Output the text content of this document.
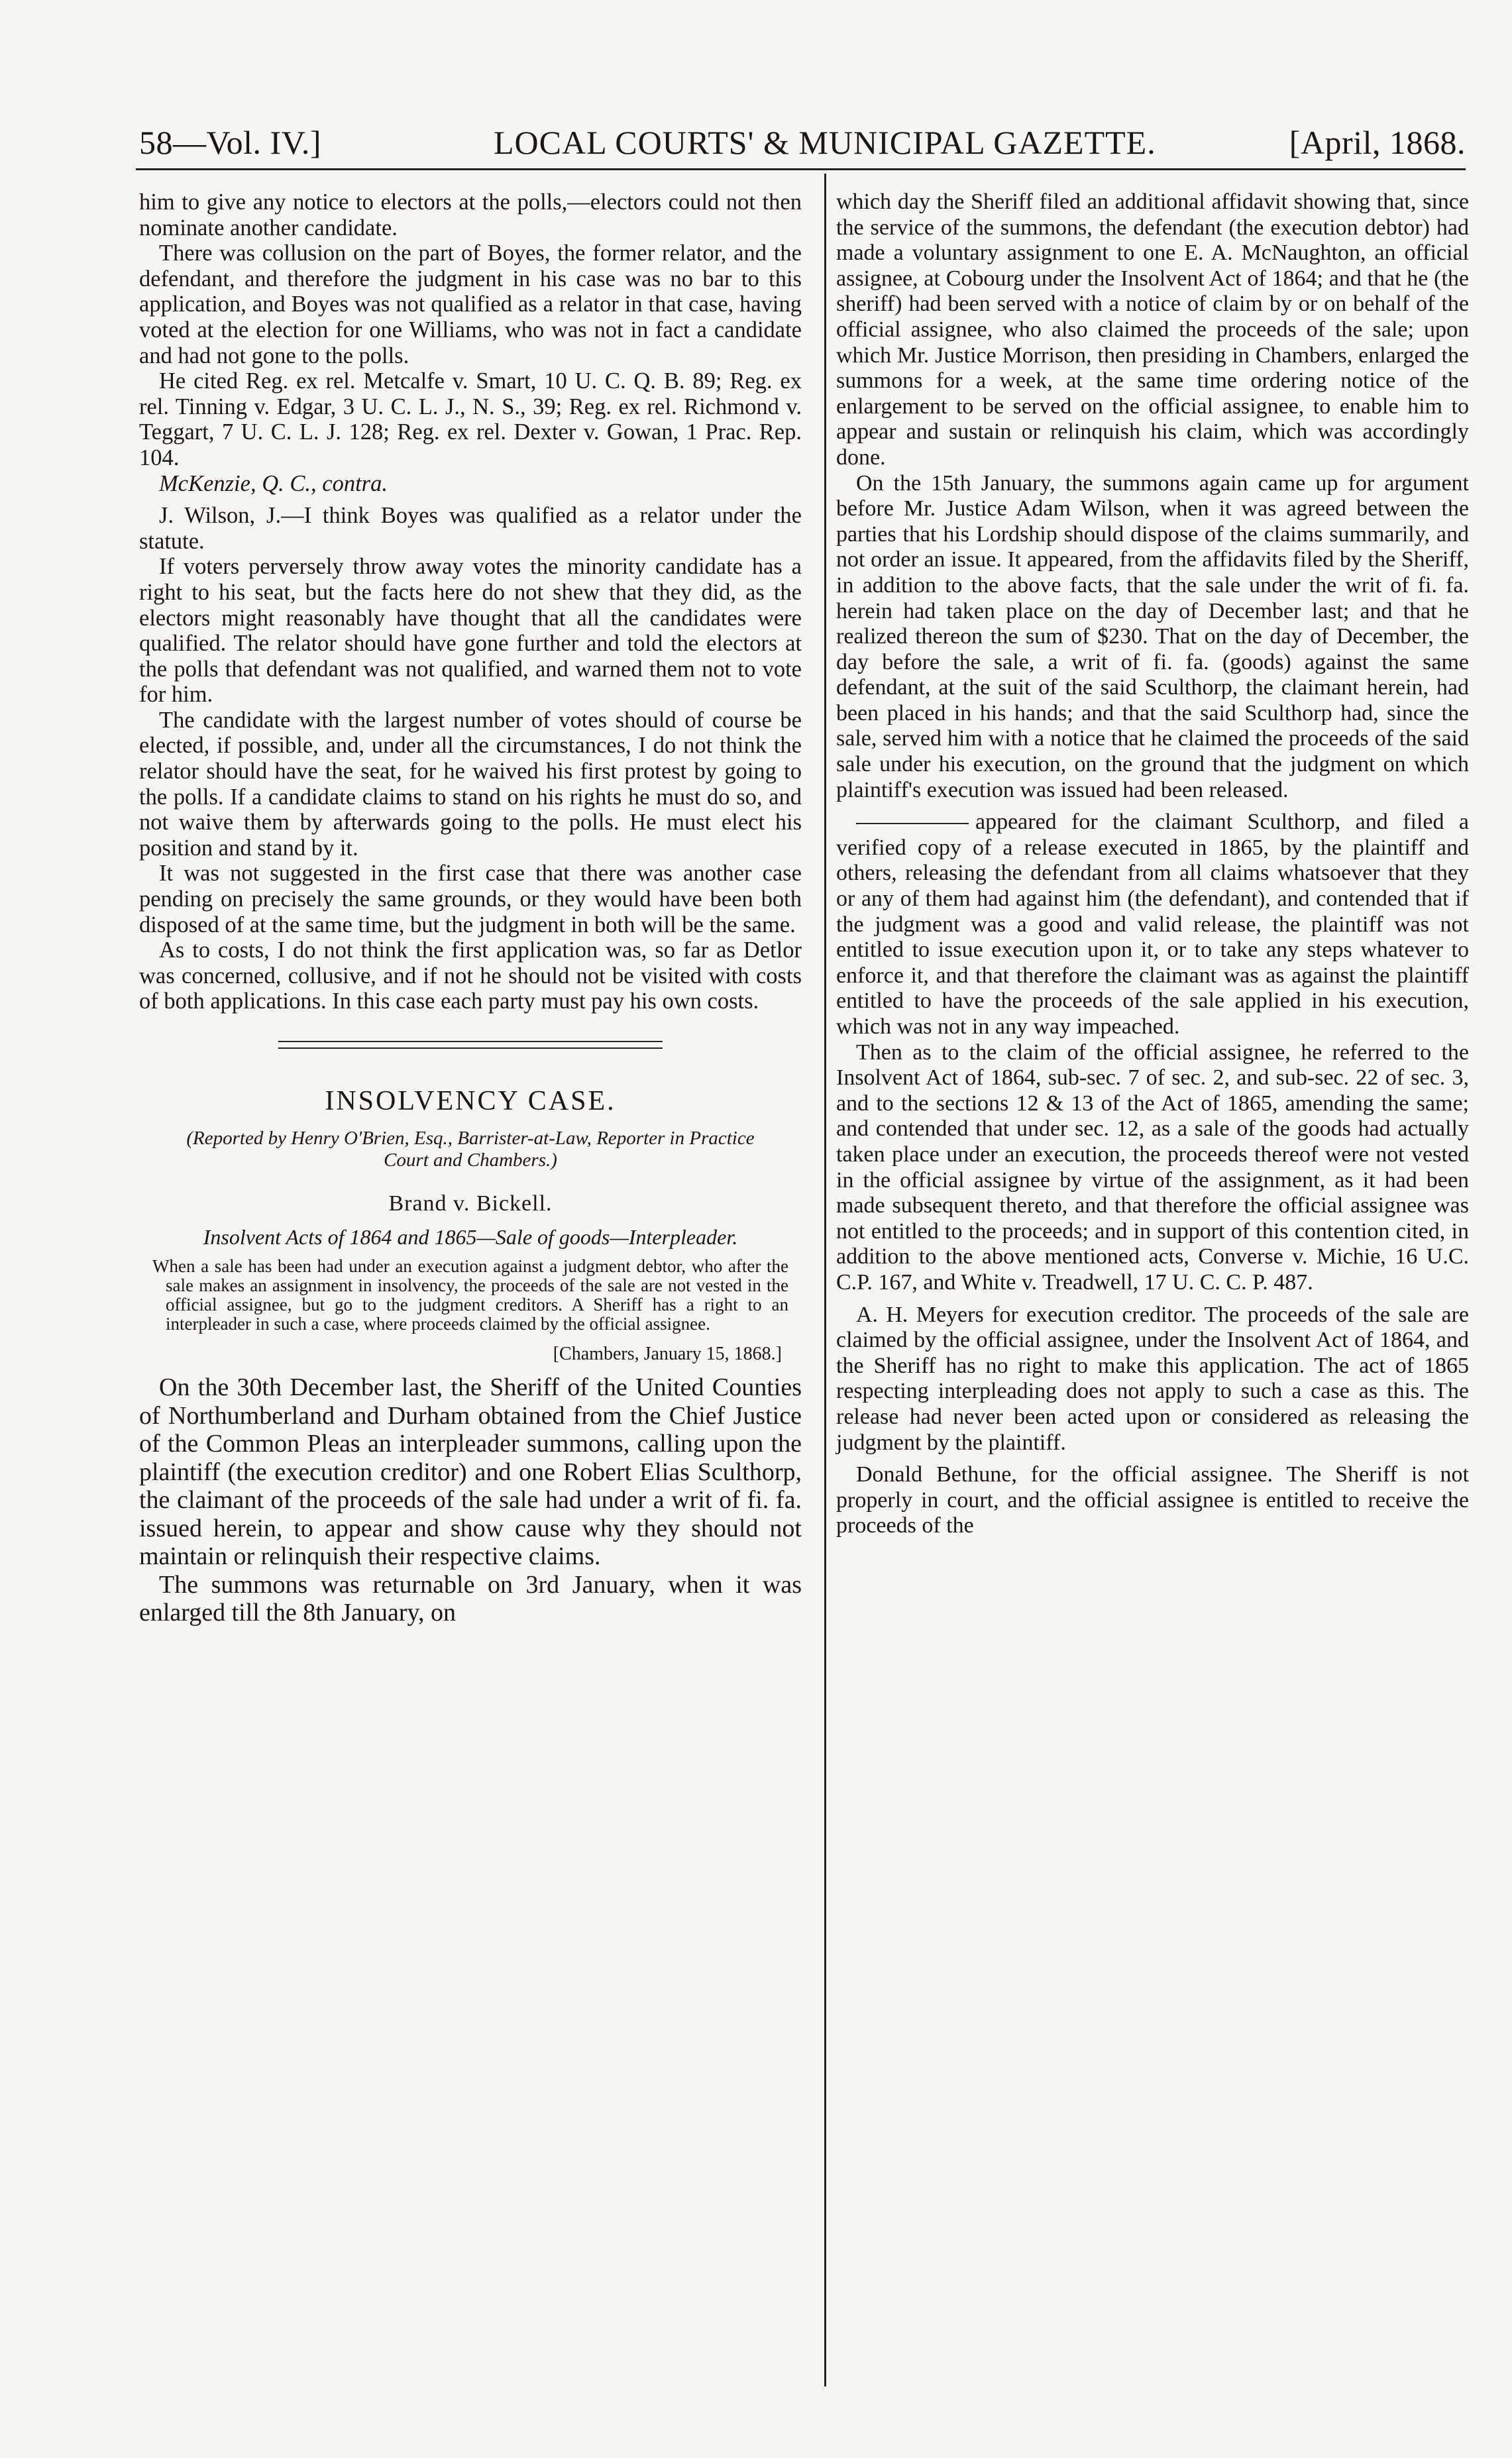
58—Vol. IV.]	LOCAL COURTS' & MUNICIPAL GAZETTE.	[April, 1868.

him to give any notice to electors at the polls,—electors could not then nominate another candidate.

There was collusion on the part of Boyes, the former relator, and the defendant, and therefore the judgment in his case was no bar to this application, and Boyes was not qualified as a relator in that case, having voted at the election for one Williams, who was not in fact a candidate and had not gone to the polls.

He cited Reg. ex rel. Metcalfe v. Smart, 10 U. C. Q. B. 89; Reg. ex rel. Tinning v. Edgar, 3 U. C. L. J., N. S., 39; Reg. ex rel. Richmond v. Teggart, 7 U. C. L. J. 128; Reg. ex rel. Dexter v. Gowan, 1 Prac. Rep. 104.

McKenzie, Q. C., contra.

J. Wilson, J.—I think Boyes was qualified as a relator under the statute.

If voters perversely throw away votes the minority candidate has a right to his seat, but the facts here do not shew that they did, as the electors might reasonably have thought that all the candidates were qualified. The relator should have gone further and told the electors at the polls that defendant was not qualified, and warned them not to vote for him.

The candidate with the largest number of votes should of course be elected, if possible, and, under all the circumstances, I do not think the relator should have the seat, for he waived his first protest by going to the polls. If a candidate claims to stand on his rights he must do so, and not waive them by afterwards going to the polls. He must elect his position and stand by it.

It was not suggested in the first case that there was another case pending on precisely the same grounds, or they would have been both disposed of at the same time, but the judgment in both will be the same.

As to costs, I do not think the first application was, so far as Detlor was concerned, collusive, and if not he should not be visited with costs of both applications. In this case each party must pay his own costs.

INSOLVENCY CASE.
(Reported by Henry O'Brien, Esq., Barrister-at-Law, Reporter in Practice Court and Chambers.)
Brand v. Bickell.
Insolvent Acts of 1864 and 1865—Sale of goods—Interpleader.

When a sale has been had under an execution against a judgment debtor, who after the sale makes an assignment in insolvency, the proceeds of the sale are not vested in the official assignee, but go to the judgment creditors. A Sheriff has a right to an interpleader in such a case, where proceeds claimed by the official assignee.

[Chambers, January 15, 1868.]

On the 30th December last, the Sheriff of the United Counties of Northumberland and Durham obtained from the Chief Justice of the Common Pleas an interpleader summons, calling upon the plaintiff (the execution creditor) and one Robert Elias Sculthorp, the claimant of the proceeds of the sale had under a writ of fi. fa. issued herein, to appear and show cause why they should not maintain or relinquish their respective claims.

The summons was returnable on 3rd January, when it was enlarged till the 8th January, on

which day the Sheriff filed an additional affidavit showing that, since the service of the summons, the defendant (the execution debtor) had made a voluntary assignment to one E. A. McNaughton, an official assignee, at Cobourg under the Insolvent Act of 1864; and that he (the sheriff) had been served with a notice of claim by or on behalf of the official assignee, who also claimed the proceeds of the sale; upon which Mr. Justice Morrison, then presiding in Chambers, enlarged the summons for a week, at the same time ordering notice of the enlargement to be served on the official assignee, to enable him to appear and sustain or relinquish his claim, which was accordingly done.

On the 15th January, the summons again came up for argument before Mr. Justice Adam Wilson, when it was agreed between the parties that his Lordship should dispose of the claims summarily, and not order an issue. It appeared, from the affidavits filed by the Sheriff, in addition to the above facts, that the sale under the writ of fi. fa. herein had taken place on the day of December last; and that he realized thereon the sum of $230. That on the day of December, the day before the sale, a writ of fi. fa. (goods) against the same defendant, at the suit of the said Sculthorp, the claimant herein, had been placed in his hands; and that the said Sculthorp had, since the sale, served him with a notice that he claimed the proceeds of the said sale under his execution, on the ground that the judgment on which plaintiff's execution was issued had been released.

appeared for the claimant Sculthorp, and filed a verified copy of a release executed in 1865, by the plaintiff and others, releasing the defendant from all claims whatsoever that they or any of them had against him (the defendant), and contended that if the judgment was a good and valid release, the plaintiff was not entitled to issue execution upon it, or to take any steps whatever to enforce it, and that therefore the claimant was as against the plaintiff entitled to have the proceeds of the sale applied in his execution, which was not in any way impeached.

Then as to the claim of the official assignee, he referred to the Insolvent Act of 1864, sub-sec. 7 of sec. 2, and sub-sec. 22 of sec. 3, and to the sections 12 & 13 of the Act of 1865, amending the same; and contended that under sec. 12, as a sale of the goods had actually taken place under an execution, the proceeds thereof were not vested in the official assignee by virtue of the assignment, as it had been made subsequent thereto, and that therefore the official assignee was not entitled to the proceeds; and in support of this contention cited, in addition to the above mentioned acts, Converse v. Michie, 16 U.C. C.P. 167, and White v. Treadwell, 17 U. C. C. P. 487.

A. H. Meyers for execution creditor. The proceeds of the sale are claimed by the official assignee, under the Insolvent Act of 1864, and the Sheriff has no right to make this application. The act of 1865 respecting interpleading does not apply to such a case as this. The release had never been acted upon or considered as releasing the judgment by the plaintiff.

Donald Bethune, for the official assignee. The Sheriff is not properly in court, and the official assignee is entitled to receive the proceeds of the
